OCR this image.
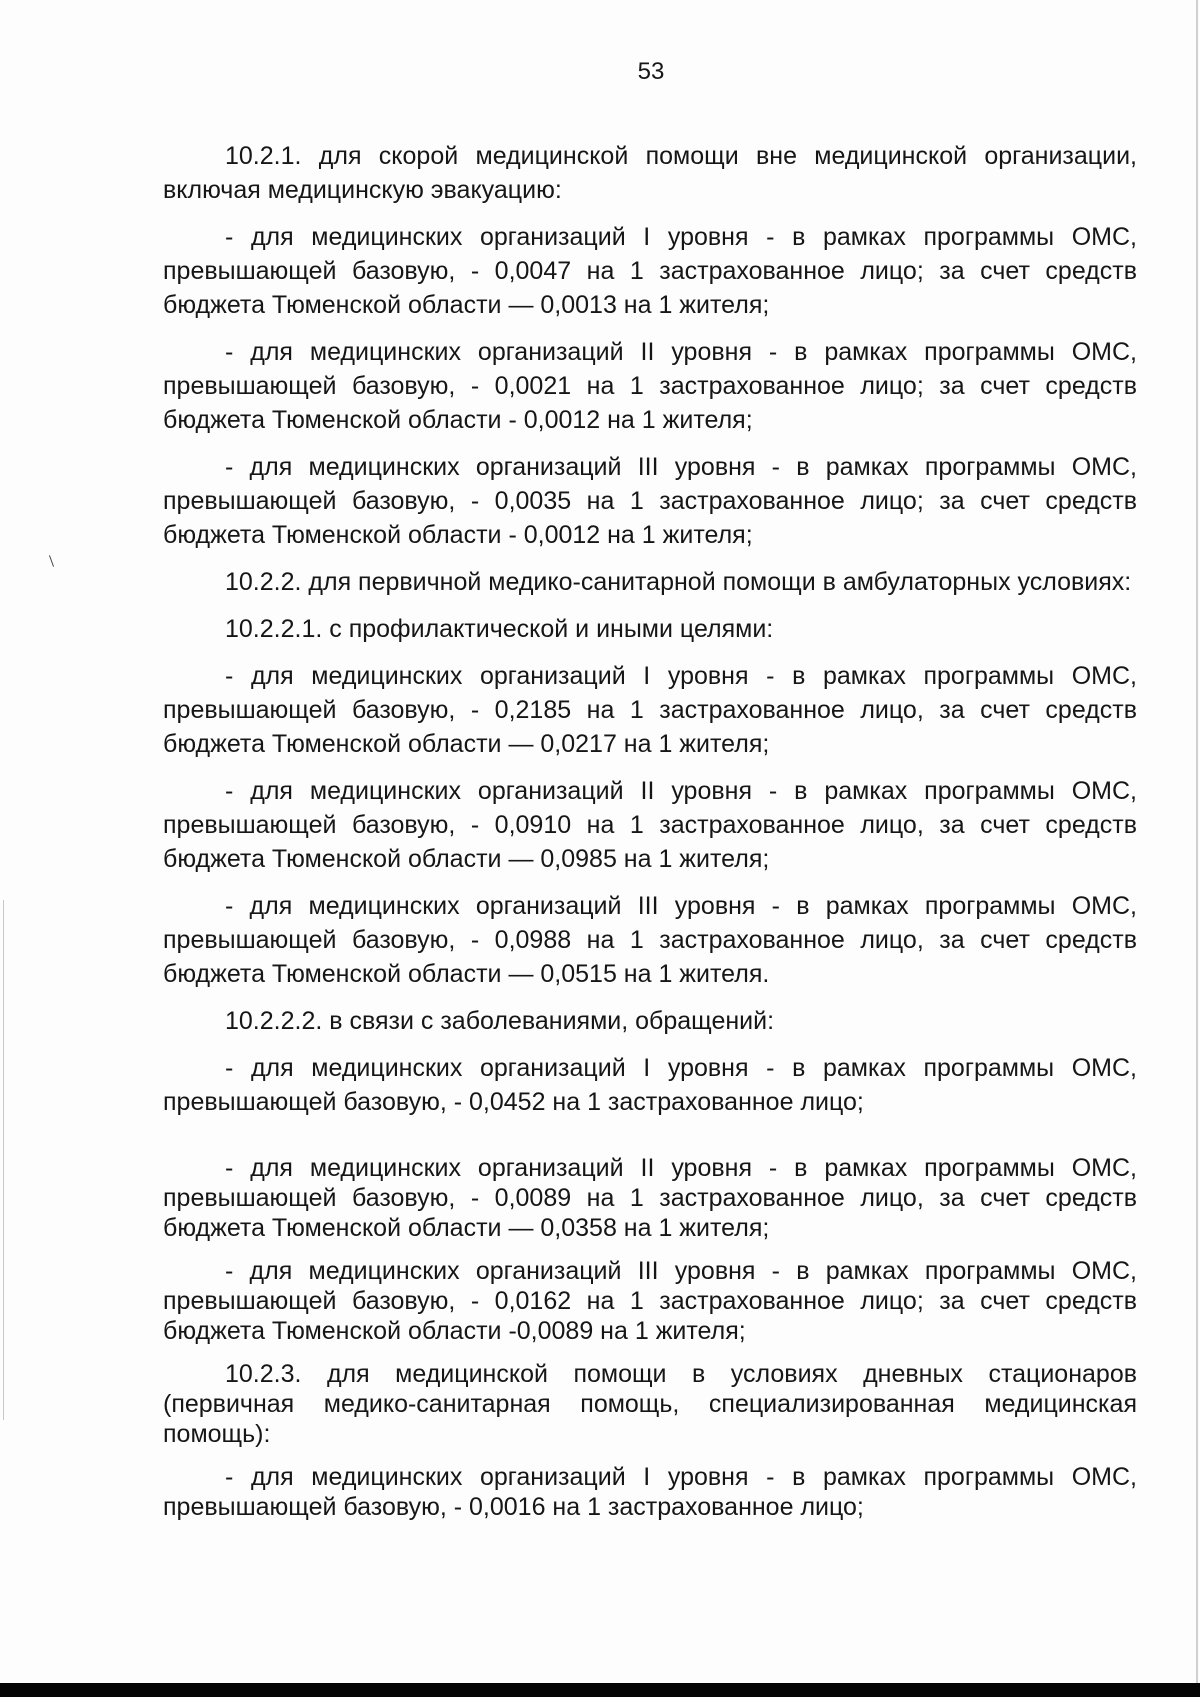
53

10.2.1. для скорой медицинской помощи вне медицинской организации, включая медицинскую эвакуацию:

- для медицинских организаций I уровня - в рамках программы ОМС, превышающей базовую, - 0,0047 на 1 застрахованное лицо; за счет средств бюджета Тюменской области — 0,0013 на 1 жителя;

- для медицинских организаций II уровня - в рамках программы ОМС, превышающей базовую, - 0,0021 на 1 застрахованное лицо; за счет средств бюджета Тюменской области - 0,0012 на 1 жителя;

- для медицинских организаций III уровня - в рамках программы ОМС, превышающей базовую, - 0,0035 на 1 застрахованное лицо; за счет средств бюджета Тюменской области - 0,0012 на 1 жителя;

10.2.2. для первичной медико-санитарной помощи в амбулаторных условиях:

10.2.2.1. с профилактической и иными целями:

- для медицинских организаций I уровня - в рамках программы ОМС, превышающей базовую, - 0,2185 на 1 застрахованное лицо, за счет средств бюджета Тюменской области — 0,0217 на 1 жителя;

- для медицинских организаций II уровня - в рамках программы ОМС, превышающей базовую, - 0,0910 на 1 застрахованное лицо, за счет средств бюджета Тюменской области — 0,0985 на 1 жителя;

- для медицинских организаций III уровня - в рамках программы ОМС, превышающей базовую, - 0,0988 на 1 застрахованное лицо, за счет средств бюджета Тюменской области — 0,0515 на 1 жителя.

10.2.2.2. в связи с заболеваниями, обращений:

- для медицинских организаций I уровня - в рамках программы ОМС, превышающей базовую, - 0,0452 на 1 застрахованное лицо;

- для медицинских организаций II уровня - в рамках программы ОМС, превышающей базовую, - 0,0089 на 1 застрахованное лицо, за счет средств бюджета Тюменской области — 0,0358 на 1 жителя;

- для медицинских организаций III уровня - в рамках программы ОМС, превышающей базовую, - 0,0162 на 1 застрахованное лицо; за счет средств бюджета Тюменской области -0,0089 на 1 жителя;

10.2.3. для медицинской помощи в условиях дневных стационаров (первичная медико-санитарная помощь, специализированная медицинская помощь):

- для медицинских организаций I уровня - в рамках программы ОМС, превышающей базовую, - 0,0016 на 1 застрахованное лицо;
